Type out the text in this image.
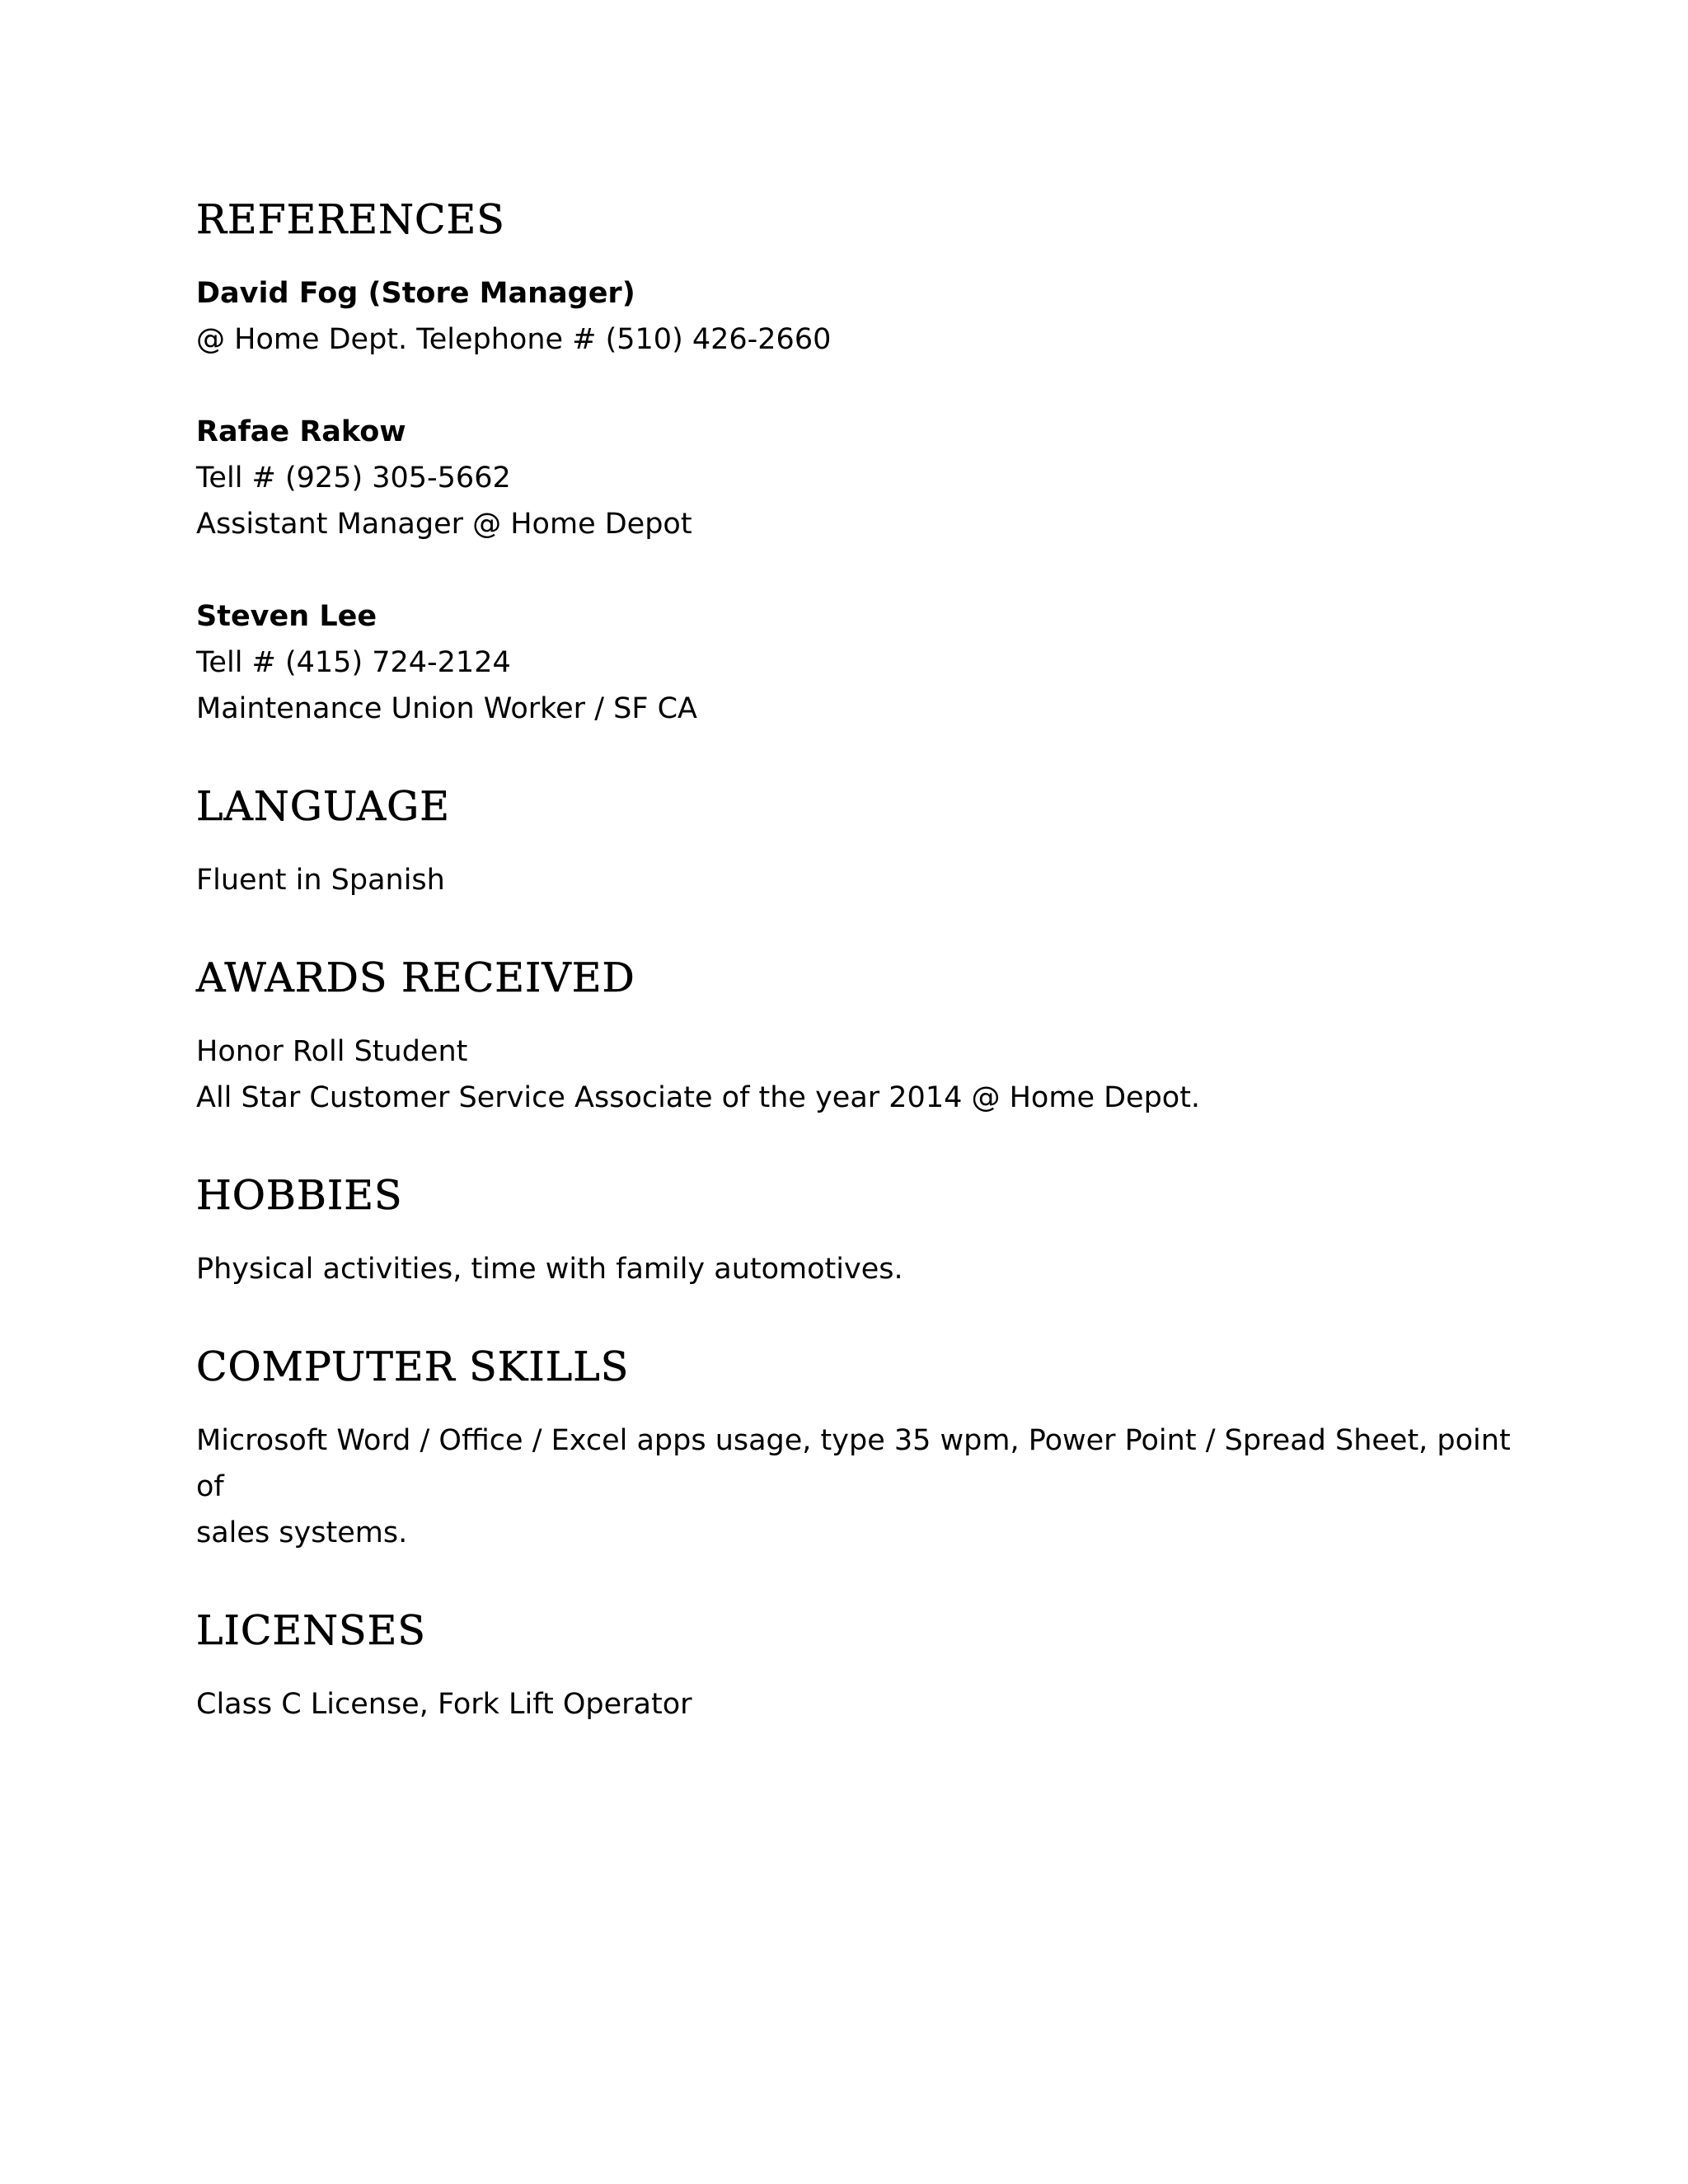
REFERENCES

David Fog (Store Manager)

@ Home Dept. Telephone # (510) 426-2660

Rafae Rakow

Tell # (925) 305-5662

Assistant Manager @ Home Depot

Steven Lee

Tell # (415) 724-2124

Maintenance Union Worker / SF CA

LANGUAGE

Fluent in Spanish

AWARDS RECEIVED

Honor Roll Student

All Star Customer Service Associate of the year 2014 @ Home Depot.

HOBBIES

Physical activities, time with family automotives.

COMPUTER SKILLS

Microsoft Word / Office / Excel apps usage, type 35 wpm, Power Point / Spread Sheet, point of

sales systems.

LICENSES

Class C License, Fork Lift Operator
